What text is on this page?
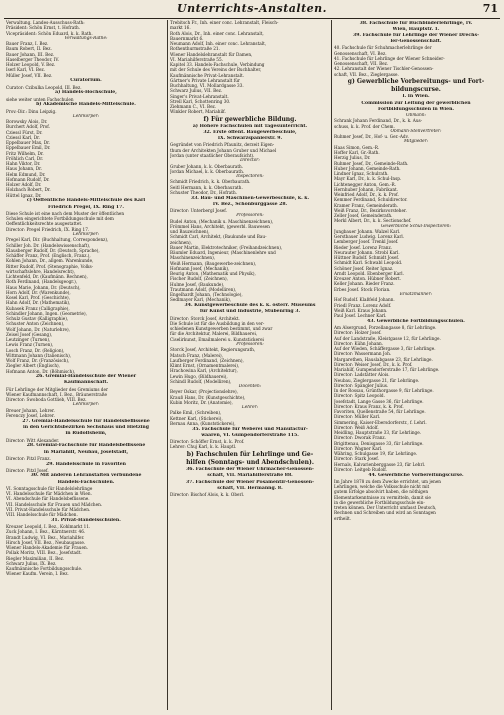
Unterrichts-Anstalten.	71
Verwaltung. Landes-Ausschuss-Rath:
Präsident: Schön Ernst, t. Hofrath.
Vicepräsident: Schön Eduard, k. k. Rath.
Verwaltungs-Räthe:
Bauer Franz, I. Bez.
Baum Robert, II. Bez.
Bauer Johann, III. Bez.
Haselberger Theodor, IV.
Holzer Leopold, V. Bez.
Iserl Karl, VI. Bez.
Müller Josef, VII. Bez.
Curatorium.
Curator: Czibulka Leopold, III. Bez.
a) Handels-Hochschule,
siehe weiter unten Fachschulen
b) Akademische Handels-Mittelschule.
Prov.-Dir.: Dinu Leipzig.
Lehrkörper:
Borowsky Alois, Dr.
Burchert Adolf, Prof.
Cziessl Fürst, Dr.
Cziessl Karl, Dr.
Eppelbauer Max, Dr.
Eppelbauer Emil, Dr.
Fritz Wilhelm, Dr.
Fröhlich Carl, Dr.
Hahn Viktor, Dr.
Haus Johann, Dr.
Helm Edmund, Dr.
Hofmann Rudolf, Dr.
Holzer Adolf, Dr.
Holzbach Robert, Dr.
Hüttel Ignaz, Dr.
c) Oeffentliche Handels-Mittelschule des Karl
Friedrich Pregel, IX. Ring 17.
Diese Schule ist eine nach dem Muster der öffentlichen
Schulen eingerichtete Fortbildungsschule mit dem
Oeffentlichkeitsrechte ausgestattet.
Director: Pregel Friedrich, IX. Ring 17.
Lehrkörper:
Pregel Karl, Dir. (Buchhaltung, Correspondenz),
Schiller Joh. Dr. (Handelswissenschaft),
Klausberger Rudolf, Dr. (Deutsch, Sprache),
Schäffer Franz, Prof. (Englisch, Franz.),
Kohlen Johann, Dr., allgem. Warenkunde,
Ritter Rudolf, Prof. (Stenographie, Volks-
wirtschaftslehre, Handelsrecht),
Lichtenfeld, Dr. (Kaufmänn. Rechnen),
Roth Ferdinand, (Handelsgeogr.),
Haus Marie, Johann, Dr. (Deutsch),
Horn Adolf, Dr. (Warenkunde),
Kosel Karl, Prof. (Geschichte),
Hahn Adolf, Dr. (Mathematik),
Kubasek Franz (Calligraphie),
Schindler Johann, Ingen. (Geometrie),
Schulz Gustav (Kalligraphie),
Schuster Anton (Zeichnen),
Wolf Johann, Dr. (Naturlehre),
Zeisel Josef (Gesang),
Leutzinger (Turnen),
Lewis Franz (Turnen),
Losch Franz, Dr. (Religion),
Wittmann Johann (Italienisch),
Wolf Franz, Dr. (Französisch),
Ziegler Albert (Englisch),
Hofmann Anton, Dr. (Böhmisch),
26. Gremial-Handelsschule der Wiener
Kaufmannschaft.
Für Lehrlinge der Mitglieder des Gremiums der
Wiener Kaufmannschaft, I. Bez., Bräunerstraße
Director: Swoboda Gottlieb, VIII. Bez.
Lehrkörper:
Breuer Johann, Lehrer.
Ferenczy Josef, Lehrer.
27. Gremial-Handelsschule für Handelsbeflissene
in den Gerichtsbezirken Sechshaus und Hietzing
in Rudolfsheim,
Director: Witt Alexander.
28. Gremial-Fachschule für Handelsbeflissene
in Mariahilf, Neubau, Josefstadt,
Director: Pitzl Franz.
29. Handelsschule in Favoriten
Director: Pitzl Josef.
30. Mit anderen Lehranstalten verbundene
Handels-Fachschulen.
VI. Sonntagsschule für Handelslehrlinge
VI. Handelsschule für Mädchen in Wien.
VI. Abendschule für Handelsbeflissene.
VII. Handelsschule für Frauen und Mädchen.
VII. Privat-Handelsschule für Mädchen.
VIII. Handelsschule für Mädchen.
31. Privat-Handelsschulen.
Kreuzer Leopold, I. Bez., Kohlmarkt 11.
Zuck Johann, I. Bez., Kärntnerstr. 46.
Brandt Ludwig, VI. Bez., Mariahilfer.
Hirsch Josef, VII. Bez., Neubaugasse.
Wiener Handels-Akademie für Frauen.
Pollak Moritz, VIII. Bez., Josefstadt.
Riegler Maximilian, II. Bez.
Schwarz Julius, IX. Bez.
Kaufmännische Fortbildungsschule.
Wiener Kaufm. Verein, I. Bez.
Trebitsch Fr., Inh. einer conc. Lehranstalt, Fleisch-
markt 16.
Roth Alois, Dr., Inh. einer conc. Lehranstalt,
Bauernmarkt 6.
Neumann Adolf, Inh. einer conc. Lehranstalt,
Rothenthurmstraße 21.
Wiener Handelslehranstalt für Damen,
VI. Mariahilferstraße 55.
Kapitel 33. Handels-Fachschule, Verbindung
mit der Schule des Vereins der Buchhalter,
Kaufmännische Privat-Lehranstalt.
Gärtner's Private Lehranstalt für
Buchhaltung, VI. Mollardgasse 33.
Schwarz Julius, VII. Bez.
Singer's Privat-Lehranstalt.
Strell Karl, Schottenring 30.
Ziehmann C., VI. Bez.
Winkler Robert, Mariahilf.
f) Für gewerbliche Bildung.
a) Höhere Fachschulen mit Tagesunterricht.
32. Erste öffent. Baugewerbeschule,
IX. Schwarzspanierstr. 9.
Gegründet von Friedrich Pfaunitz, derzeit Eigen-
thum der Architekten Johann Gruber und Michael
Jordan (unter staatlicher Oberaufsicht).
Director:
Gruber Johann, k. k. Oberbaurath.
Jordan Michael, k. k. Oberbaurath.
Inspectoren:
Schmidt Friedrich, k. k. Oberbaurath.
Seitl Hermann, k. k. Oberbaurath.
Schuster Theodor, Dr., Hofrath.
33. Bau- und Maschinen-Gewerbeschule, k. k.
IV. Bez., Schönburggasse 28.
Director: Unterbergl Josef.
Professoren:
Budel Anton, (Mechanik u. Maschinenzeichnen),
Frömmel Hans, Architekt, (gewerbl. Bauwesen
und Bauzeichnen),
Schmidt Carl, Architekt, (Baukunde und Bau-
zeichnen),
Bauer Martin, Elektrotechniker, (Freihandzeichnen),
Bäumler Eduard, Ingenieur, (Maschinenlehre und
Maschinenzeichnen),
Weiß Hermann, (Baugewerbe-zeichnen),
Hofmann Josef, (Mechanik),
Beurig Anton, (Mathematik und Physik),
Fischer Rudolf, (Zeichnen),
Hulme Josef, (Baukunde),
Trautmann Adolf, (Modelliren),
Engelhardt Johann, (Technologie),
Sedlmayer Karl, (Mechanik),
34. Kunstgewerbeschule des k. k. österr. Museums
für Kunst und Industrie, Stubenring 3.
Director: Storck Josef, Architekt.
Die Schule ist für die Ausbildung in den ver-
schiedenen Kunstgewerben bestimmt, und zwar
für die Architektur, Malerei, Bildhauerei,
Ciselirkunst, Emailmalerei u. Kunststickerei
Professoren:
Storck Josef, Architekt, Regierungsrath,
Matsch Franz, (Malerei),
Laufberger Ferdinand, (Zeichnen),
Klimt Ernst, (Ornamentmalerei),
Hrachowina Karl, (Architektur),
Lewin Hugo, (Bildhauerei),
Schindl Rudolf, (Modelliren),
Docenten:
Beyer Oskar, (Projectionslehre),
Krauß Hans, Dr. (Kunstgeschichte),
Kubin Moritz, Dr. (Anatomie),
Lehrer:
Palke Emil, (Schreiben),
Kettner Karl, (Stickerei),
Bernau Anna, (Kunststickerei),
35. Fachschule für Weberei und Manufactur-
waaren, VI. Gumpendorferstraße 115.
Director: Schöffer Ernst, k. k. Prof.
Lehrer: Chuj Karl, k. k. Hauptl.
b) Fachschulen für Lehrlinge und Ge-
hilfen (Sonntags- und Abendschulen).
36. Fachschule der Wiener Uhrmacher-Genossen-
schaft, VII. Mariahilferstraße 88.
37. Fachschule der Wiener Posamentir-Genossen-
schaft, VII. Hermanng. 8.
Director: Bischof Alois, k. k. Oberl.
38. Fachschule für Buchbinderlehrlinge, IV.
Wien, Hauptstr. 1.
39. Fachschule für Lehrlinge der Wiener Drechs-
ler-Genossenschaft.
40. Fachschule für Schuhmacherlehrlinge der
Genossenschaft, VI. Bez.
41. Fachschule für Lehrlinge der Wiener Schneider-
Genossenschaft, VII. Bez.
42. Lehranstalt der Wiener Tischler-Genossen-
schaft, VII. Bez., Zieglergasse.
g) Gewerbliche Vorbereitungs- und Fort-
bildungscurse.
I. In Wien.
Commission zur Leitung der gewerblichen
Fortbildungsschulen in Wien.
Obmann:
Schrank Johann Ferdinand, Dr., k. k. Aus-
schuss, k. k. Prof. der Chem.
Obmann-Stellvertreter:
Ruhmer Josef, Dr., Hof- u. Ger.-Adv.
Mitglieder:
Haas Simon, Gem.-R.
Hoffer Karl, Gr.-Rath.
Herzig Julius, Dr.
Ruhmer Josef, Dr., Gemeinde-Rath.
Huber Johann, Gemeinde-Rath.
Lindner Ignaz, Schulrath.
Mayr Karl, Dr., k. k. Schul-Insp.
Lichtenegger Anton, Gem.-R.
Hernhuber Johann, Fabrikant.
Weinfried Adolf, Dr., k. k. Prof.
Kemmer Ferdinand, Schuldirector.
Kramer Franz, Gemeinderath.
Weiß Franz, Dr., Bezirksvorsteher.
Zeller Josef, Gemeinderath.
Merkl Albert, Dr., k. k. Sectionschef.
Gewerbliche Schul-Inspectoren:
Jungbauer Johann. Walzel Karl.
Gerstbauer Ludwig. Lorenz Karl.
Lemberger Josef. Trenkl Josef.
Rieder Josef. Lorenz Franz.
Neurauter Johann. Strobl Karl.
Hüttner Rudolf. Schmidt Josef.
Schmidt Karl. Schwabl Leopold.
Schöner Josef. Reiter Ignaz.
Arndt Leopold. Ebenberger Karl.
Kreuzer Anton. Hübner Robert.
Keller Johann. Rieder Franz.
Erbes Josef. Stock Florian.
Ersatzmänner:
Hof Rudolf. Klaßfeld Johann.
Friedl Franz. Lorenz Adolf.
Weiß Karl. Kraus Johann.
Paul Josef. Lechner Karl.
43. Gewerbliche Fortbildungsschulen.
Am Alsergrund, Porzellangasse 8, für Lehrlinge.
Director: Holzer Josef.
Auf der Landstraße, Kleistgasse 12, für Lehrlinge.
Director: Kühn Johann.
Auf der Wieden, Schäffergasse 3, für Lehrlinge.
Director: Wassermann Joh.
Margarethen, Hauslabgasse 23, für Lehrlinge.
Director: Weiser Josef, Dr., k. k. Prof.
Mariahilf, Gumpendorferstraße 17, für Lehrlinge.
Director: Ladstätter Alois.
Neubau, Zieglergasse 21, für Lehrlinge.
Director: Spängler Julius.
In der Rossau, Grünthorgasse 9, für Lehrlinge.
Director: Spitz Leopold.
Josefstadt, Lange Gasse 36, für Lehrlinge.
Director: Kraus Franz, k. k. Prof.
Favoriten, Quellenstraße 54, für Lehrlinge.
Director: Müller Karl.
Simmering, Kaiser-Ebersdorferstr., f. Lehrl.
Director: Weiß Adolf.
Meidling, Hauptstraße 33, für Lehrlinge.
Director: Dworak Franz.
Brigittenau, Denisgasse 33, für Lehrlinge.
Director: Wagner Karl.
Währing, Schulgasse 19, für Lehrlinge.
Director: Stark Josef.
Hernals, Kalvarienberggasse 23, für Lehrl.
Director: Leitgeb Rudolf.
44. Gewerbliche Vorbereitungscurse.
Im Jahre 1878 zu dem Zwecke errichtet, um jenen
Lehrlingen, welche die Volksschule nicht mit
gutem Erfolge absolvirt haben, die nöthigen
Elementarkenntnisse zu vermitteln, damit sie
in die gewerbliche Fortbildungsschule ein-
treten können. Der Unterricht umfasst Deutsch,
Rechnen und Schreiben und wird an Sonntagen
ertheilt.
